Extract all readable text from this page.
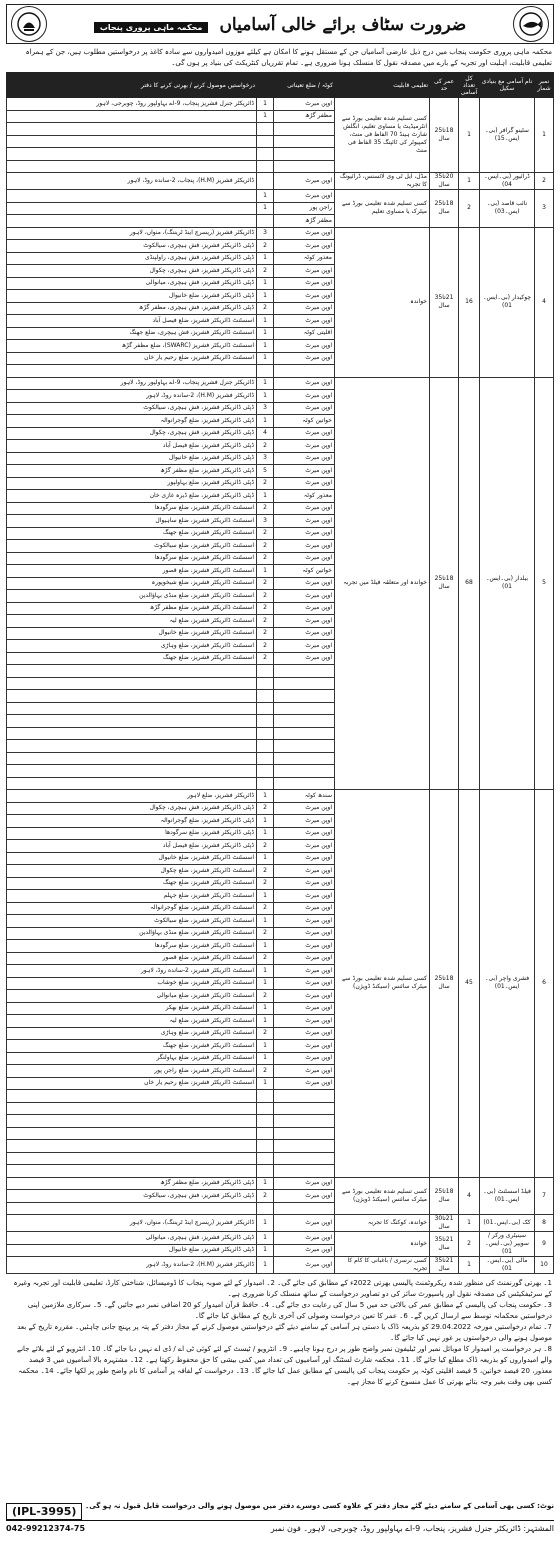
ضرورت سٹاف برائے خالی آسامیاں محکمہ ماہی پروری پنجاب
محکمہ ماہی پروری حکومت پنجاب میں درج ذیل عارضی آسامیاں جن کے مستقل ہونے کا امکان ہے کیلئے موزوں امیدواروں سے سادہ کاغذ پر درخواستیں مطلوب ہیں، جن کے ہمراہ تعلیمی قابلیت، اہلیت اور تجربہ کے بارے میں مصدقہ نقول کا منسلک ہونا ضروری ہے۔ تمام تقرریاں کنٹریکٹ کی بنیاد پر ہوں گی۔
نمبر شمار	نام آسامی مع بنیادی سکیل	کل تعداد آسامی	عمر کی حد	تعلیمی قابلیت	کوٹہ / ضلع تعیناتی		درخواستیں موصول کرنے / بھرتی کرنے کا دفتر
1	سٹینو گرافر (بی۔ایس۔15)	1	18تا25 سال	کسی تسلیم شدہ تعلیمی بورڈ سے انٹرمیڈیٹ یا مساوی تعلیم، انگلش شارٹ ہینڈ 70 الفاظ فی منٹ، کمپیوٹر کی ٹائپنگ 35 الفاظ فی منٹ	اوپن میرٹ	1	ڈائریکٹر جنرل فشریز پنجاب، 9-اے بہاولپور روڈ، چوبرجی، لاہور
					مظفر گڑھ	1	

2	ڈرائیور (بی۔ایس۔04)	1	20تا35 سال	مڈل، ایل ٹی وی لائسنس، ڈرائیونگ کا تجربہ	اوپن میرٹ		ڈائریکٹر فشریز (H.M)، پنجاب، 2-سانده روڈ، لاہور
3	نائب قاصد (بی۔ایس۔03)	2	18تا25 سال	کسی تسلیم شدہ تعلیمی بورڈ سے میٹرک یا مساوی تعلیم	اوپن میرٹ	1	
					راجن پور	1	
					مظفر گڑھ		
4	چوکیدار (بی۔ایس۔01)	16	21تا35 سال	خواندہ	اوپن میرٹ	3	ڈائریکٹر فشریز (ریسرچ اینڈ ٹریننگ)، منواں، لاہور
					اوپن میرٹ	2	ڈپٹی ڈائریکٹر فشریز، فش ہیچری، سیالکوٹ
					معذور کوٹہ	1	ڈپٹی ڈائریکٹر فشریز، فش ہیچری، راولپنڈی
					اوپن میرٹ	2	ڈپٹی ڈائریکٹر فشریز، فش ہیچری، چکوال
					اوپن میرٹ	1	ڈپٹی ڈائریکٹر فشریز، فش ہیچری، میانوالی
					اوپن میرٹ	1	ڈپٹی ڈائریکٹر فشریز، ضلع خانیوال
					اوپن میرٹ	2	ڈپٹی ڈائریکٹر فشریز، فش ہیچری، مظفر گڑھ
					اوپن میرٹ	1	اسسٹنٹ ڈائریکٹر فشریز، ضلع فیصل آباد
					اقلیتی کوٹہ	1	اسسٹنٹ ڈائریکٹر فشریز، فش ہیچری، ضلع جھنگ
					اوپن میرٹ	1	اسسٹنٹ ڈائریکٹر فشریز (SWARC)، ضلع مظفر گڑھ
					اوپن میرٹ	1	اسسٹنٹ ڈائریکٹر فشریز، ضلع رحیم یار خان

5	بیلدار (بی۔ایس۔01)	68	18تا25 سال	خواندہ اور متعلقہ فیلڈ میں تجربہ	اوپن میرٹ	1	ڈائریکٹر جنرل فشریز پنجاب، 9-اے بہاولپور روڈ، لاہور
					اوپن میرٹ	1	ڈائریکٹر فشریز (H.M)، 2-سانده روڈ، لاہور
					اوپن میرٹ	3	ڈپٹی ڈائریکٹر فشریز، فش ہیچری، سیالکوٹ
					خواتین کوٹہ	1	ڈپٹی ڈائریکٹر فشریز، ضلع گوجرانوالہ
					اوپن میرٹ	4	ڈپٹی ڈائریکٹر فشریز، فش ہیچری، چکوال
					اوپن میرٹ	2	ڈپٹی ڈائریکٹر فشریز، ضلع فیصل آباد
					اوپن میرٹ	3	ڈپٹی ڈائریکٹر فشریز، ضلع خانیوال
					اوپن میرٹ	5	ڈپٹی ڈائریکٹر فشریز، ضلع مظفر گڑھ
					اوپن میرٹ	2	ڈپٹی ڈائریکٹر فشریز، ضلع بہاولپور
					معذور کوٹہ	1	ڈپٹی ڈائریکٹر فشریز، ضلع ڈیرہ غازی خان
					اوپن میرٹ	2	اسسٹنٹ ڈائریکٹر فشریز، ضلع سرگودھا
					اوپن میرٹ	3	اسسٹنٹ ڈائریکٹر فشریز، ضلع ساہیوال
					اوپن میرٹ	2	اسسٹنٹ ڈائریکٹر فشریز، ضلع جھنگ
					اوپن میرٹ	2	اسسٹنٹ ڈائریکٹر فشریز، ضلع سیالکوٹ
					اوپن میرٹ	2	اسسٹنٹ ڈائریکٹر فشریز، ضلع سرگودھا
					خواتین کوٹہ	1	اسسٹنٹ ڈائریکٹر فشریز، ضلع قصور
					اوپن میرٹ	2	اسسٹنٹ ڈائریکٹر فشریز، ضلع شیخوپورہ
					اوپن میرٹ	2	اسسٹنٹ ڈائریکٹر فشریز، ضلع منڈی بہاؤالدین
					اوپن میرٹ	2	اسسٹنٹ ڈائریکٹر فشریز، ضلع مظفر گڑھ
					اوپن میرٹ	2	اسسٹنٹ ڈائریکٹر فشریز، ضلع لیہ
					اوپن میرٹ	2	اسسٹنٹ ڈائریکٹر فشریز، ضلع خانیوال
					اوپن میرٹ	2	اسسٹنٹ ڈائریکٹر فشریز، ضلع وہاڑی
					اوپن میرٹ	2	اسسٹنٹ ڈائریکٹر فشریز، ضلع جھنگ

6	فشری واچر (بی۔ایس۔01)	45	18تا25 سال	کسی تسلیم شدہ تعلیمی بورڈ سے میٹرک سائنس (سیکنڈ ڈویژن)	سندھ کوٹہ	1	ڈائریکٹر فشریز، ضلع لاہور
					اوپن میرٹ	2	ڈپٹی ڈائریکٹر فشریز، فش ہیچری، چکوال
					اوپن میرٹ	1	ڈپٹی ڈائریکٹر فشریز، ضلع گوجرانوالہ
					اوپن میرٹ	1	ڈپٹی ڈائریکٹر فشریز، ضلع سرگودھا
					اوپن میرٹ	2	ڈپٹی ڈائریکٹر فشریز، ضلع فیصل آباد
					اوپن میرٹ	1	اسسٹنٹ ڈائریکٹر فشریز، ضلع خانیوال
					اوپن میرٹ	2	اسسٹنٹ ڈائریکٹر فشریز، ضلع چکوال
					اوپن میرٹ	2	اسسٹنٹ ڈائریکٹر فشریز، ضلع جھنگ
					اوپن میرٹ	1	اسسٹنٹ ڈائریکٹر فشریز، ضلع جہلم
					اوپن میرٹ	2	اسسٹنٹ ڈائریکٹر فشریز، ضلع گوجرانوالہ
					اوپن میرٹ	1	اسسٹنٹ ڈائریکٹر فشریز، ضلع سیالکوٹ
					اوپن میرٹ	2	اسسٹنٹ ڈائریکٹر فشریز، ضلع منڈی بہاؤالدین
					اوپن میرٹ	1	اسسٹنٹ ڈائریکٹر فشریز، ضلع سرگودھا
					اوپن میرٹ	2	اسسٹنٹ ڈائریکٹر فشریز، ضلع قصور
					اوپن میرٹ	1	اسسٹنٹ ڈائریکٹر فشریز، 2-سانده روڈ، لاہور
					اوپن میرٹ	1	اسسٹنٹ ڈائریکٹر فشریز، ضلع خوشاب
					اوپن میرٹ	2	اسسٹنٹ ڈائریکٹر فشریز، ضلع میانوالی
					اوپن میرٹ	1	اسسٹنٹ ڈائریکٹر فشریز، ضلع بھکر
					اوپن میرٹ	1	اسسٹنٹ ڈائریکٹر فشریز، ضلع لیہ
					اوپن میرٹ	2	اسسٹنٹ ڈائریکٹر فشریز، ضلع وہاڑی
					اوپن میرٹ	1	اسسٹنٹ ڈائریکٹر فشریز، ضلع جھنگ
					اوپن میرٹ	1	اسسٹنٹ ڈائریکٹر فشریز، ضلع بہاولنگر
					اوپن میرٹ	2	اسسٹنٹ ڈائریکٹر فشریز، ضلع راجن پور
					اوپن میرٹ	1	اسسٹنٹ ڈائریکٹر فشریز، ضلع رحیم یار خان

7	فیلڈ اسسٹنٹ (بی۔ایس۔01)	4	18تا25 سال	کسی تسلیم شدہ تعلیمی بورڈ سے میٹرک سائنس (سیکنڈ ڈویژن)	اوپن میرٹ	1	ڈپٹی ڈائریکٹر فشریز، ضلع مظفر گڑھ
					اوپن میرٹ	2	ڈپٹی ڈائریکٹر فشریز، فش ہیچری، سیالکوٹ

8	کک (بی۔ایس۔01)	1	21تا30 سال	خواندہ، کوکنگ کا تجربہ	اوپن میرٹ	1	ڈائریکٹر فشریز (ریسرچ اینڈ ٹریننگ)، منواں، لاہور
9	سینیٹری ورکر / سویپر (بی۔ایس۔01)	2	21تا35 سال	خواندہ	اوپن میرٹ	1	ڈپٹی ڈائریکٹر فشریز، فش ہیچری، میانوالی
					اوپن میرٹ	1	ڈپٹی ڈائریکٹر فشریز، ضلع خانیوال
10	مالی (بی۔ایس۔01)	1	21تا35 سال	کسی نرسری / باغبانی کا کام کا تجربہ	اوپن میرٹ	1	ڈائریکٹر فشریز (H.M)، 2-سانده روڈ، لاہور

1۔ بھرتی گورنمنٹ کی منظور شدہ ریکروٹمنٹ پالیسی بھرتی 2022ء کے مطابق کی جائے گی۔ 2۔ امیدوار کے لئے صوبہ پنجاب کا ڈومیسائل، شناختی کارڈ، تعلیمی قابلیت اور تجربہ وغیرہ کے سرٹیفکیٹس کی مصدقہ نقول اور پاسپورٹ سائز کی دو تصاویر درخواست کے ساتھ منسلک کرنا ضروری ہے۔

3۔ حکومت پنجاب کی پالیسی کے مطابق عمر کی بالائی حد میں 5 سال کی رعایت دی جائے گی۔ 4۔ حافظ قرآن امیدوار کو 20 اضافی نمبر دیے جائیں گے۔ 5۔ سرکاری ملازمین اپنی درخواستیں محکمانہ توسط سے ارسال کریں گے۔ 6۔ عمر کا تعین درخواست وصولی کی آخری تاریخ کے مطابق کیا جائے گا۔

7۔ تمام درخواستیں مورخہ 29.04.2022 کو بذریعہ ڈاک یا دستی ہر آسامی کے سامنے دیئے گئے درخواستیں موصول کرنے کے مجاز دفتر کے پتہ پر پہنچ جانی چاہئیں۔ مقررہ تاریخ کے بعد موصول ہونے والی درخواستوں پر غور نہیں کیا جائے گا۔

8۔ ہر درخواست پر امیدوار کا موبائل نمبر اور ٹیلیفون نمبر واضح طور پر درج ہونا چاہیے۔ 9۔ انٹرویو / ٹیسٹ کے لئے کوئی ٹی اے / ڈی اے نہیں دیا جائے گا۔ 10۔ انٹرویو کے لئے بلائے جانے والے امیدواروں کو بذریعہ ڈاک مطلع کیا جائے گا۔ 11۔ محکمہ شارٹ لسٹنگ اور آسامیوں کی تعداد میں کمی بیشی کا حق محفوظ رکھتا ہے۔ 12۔ مشتہرہ بالا آسامیوں میں 3 فیصد معذور، 20 فیصد خواتین، 5 فیصد اقلیتی کوٹہ پر حکومت پنجاب کی پالیسی کے مطابق عمل کیا جائے گا۔ 13۔ درخواست کے لفافہ پر آسامی کا نام واضح طور پر لکھا جائے۔ 14۔ محکمہ کسی بھی وقت بغیر وجہ بتائے بھرتی کا عمل منسوخ کرنے کا مجاز ہے۔

(IPL-3995) نوٹ: کسی بھی آسامی کے سامنے دیئے گئے مجاز دفتر کے علاوہ کسی دوسرے دفتر میں موصول ہونے والی درخواست قابل قبول نہ ہو گی۔
المشتہر: ڈائریکٹر جنرل فشریز، پنجاب، 9-اے بہاولپور روڈ، چوبرجی، لاہور۔ فون نمبر
042-99212374-75
